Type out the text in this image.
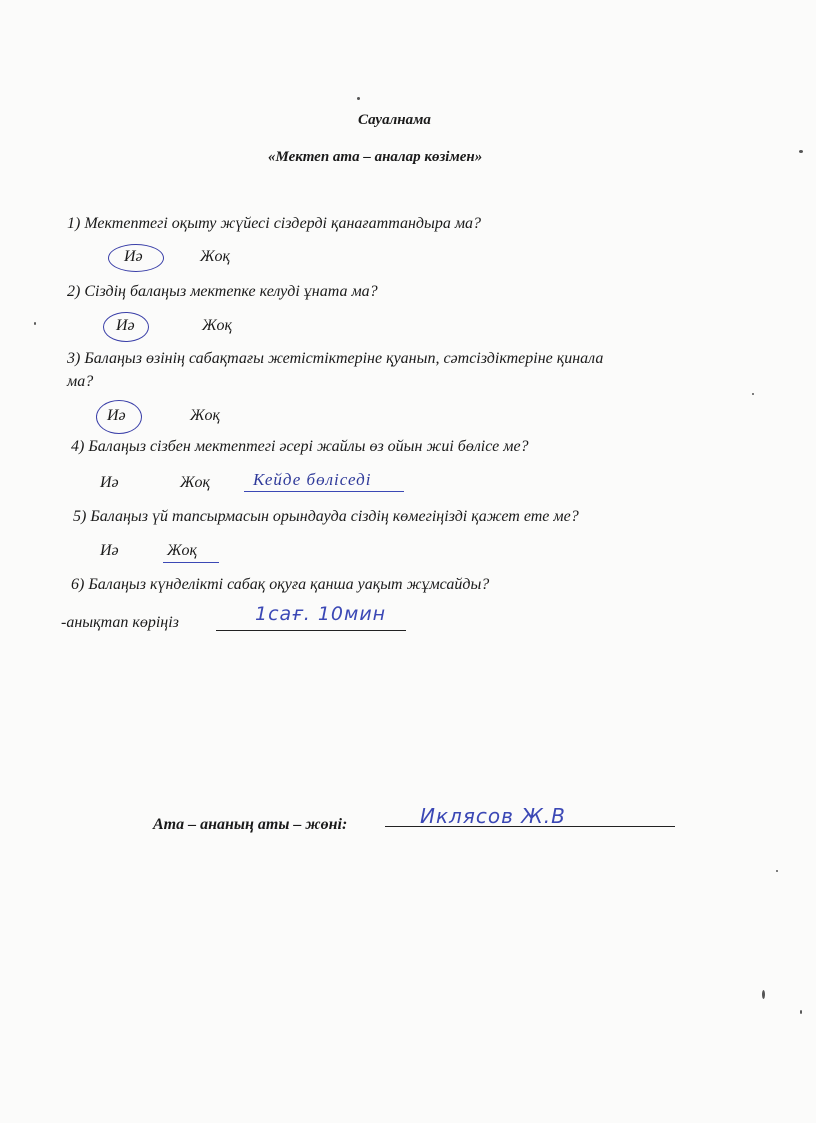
Сауалнама
«Мектеп ата – аналар көзімен»
1) Мектептегі оқыту жүйесі сіздерді қанағаттандыра ма?
Иә	Жоқ
2) Сіздің балаңыз мектепке келуді ұната ма?
Иә	Жоқ
3) Балаңыз өзінің сабақтағы жетістіктеріне қуанып, сәтсіздіктеріне қинала
ма?
Иә	Жоқ
4) Балаңыз сізбен мектептегі әсері жайлы өз ойын жиі бөлісе ме?
Иә	Жоқ	Кейде бөліседі
5) Балаңыз үй тапсырмасын орындауда сіздің көмегіңізді қажет ете ме?
Иә	Жоқ
6) Балаңыз күнделікті сабақ оқуға қанша уақыт жұмсайды?
-анықтап көріңіз	1сағ. 10мин
Ата – ананың аты – жөні:	Иклясов Ж.В
